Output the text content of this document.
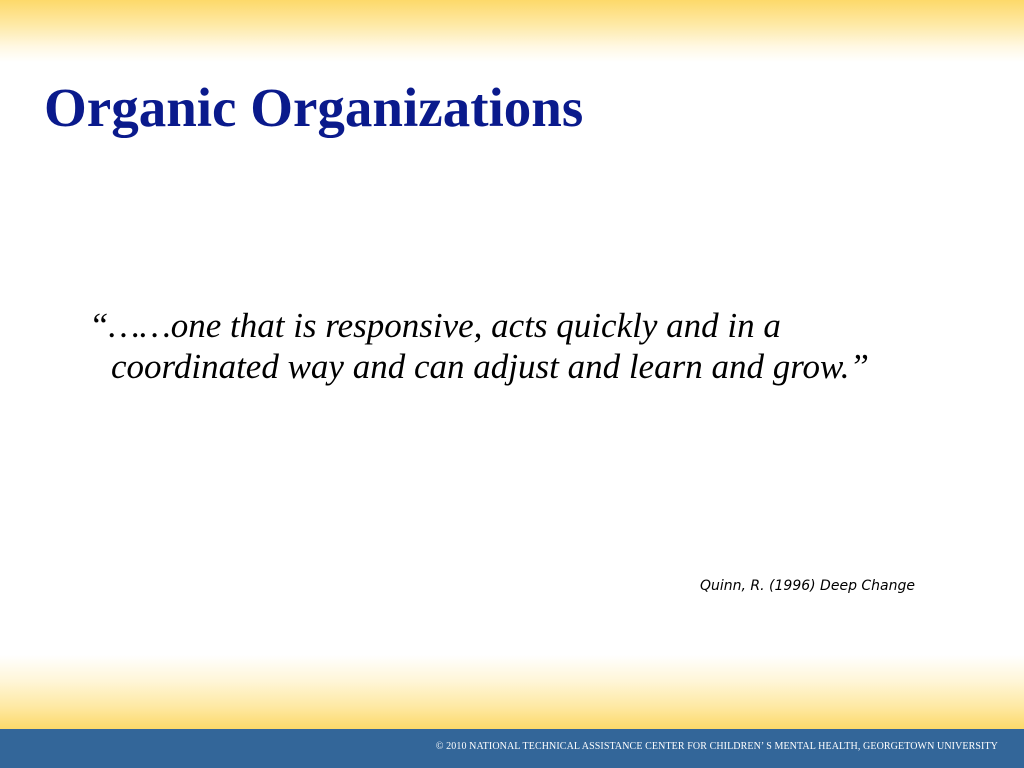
Organic Organizations

“……one that is responsive, acts quickly and in a coordinated way and can adjust and learn and grow.”

Quinn, R. (1996) Deep Change

© 2010 NATIONAL TECHNICAL ASSISTANCE CENTER FOR CHILDREN’ S MENTAL HEALTH, GEORGETOWN UNIVERSITY
